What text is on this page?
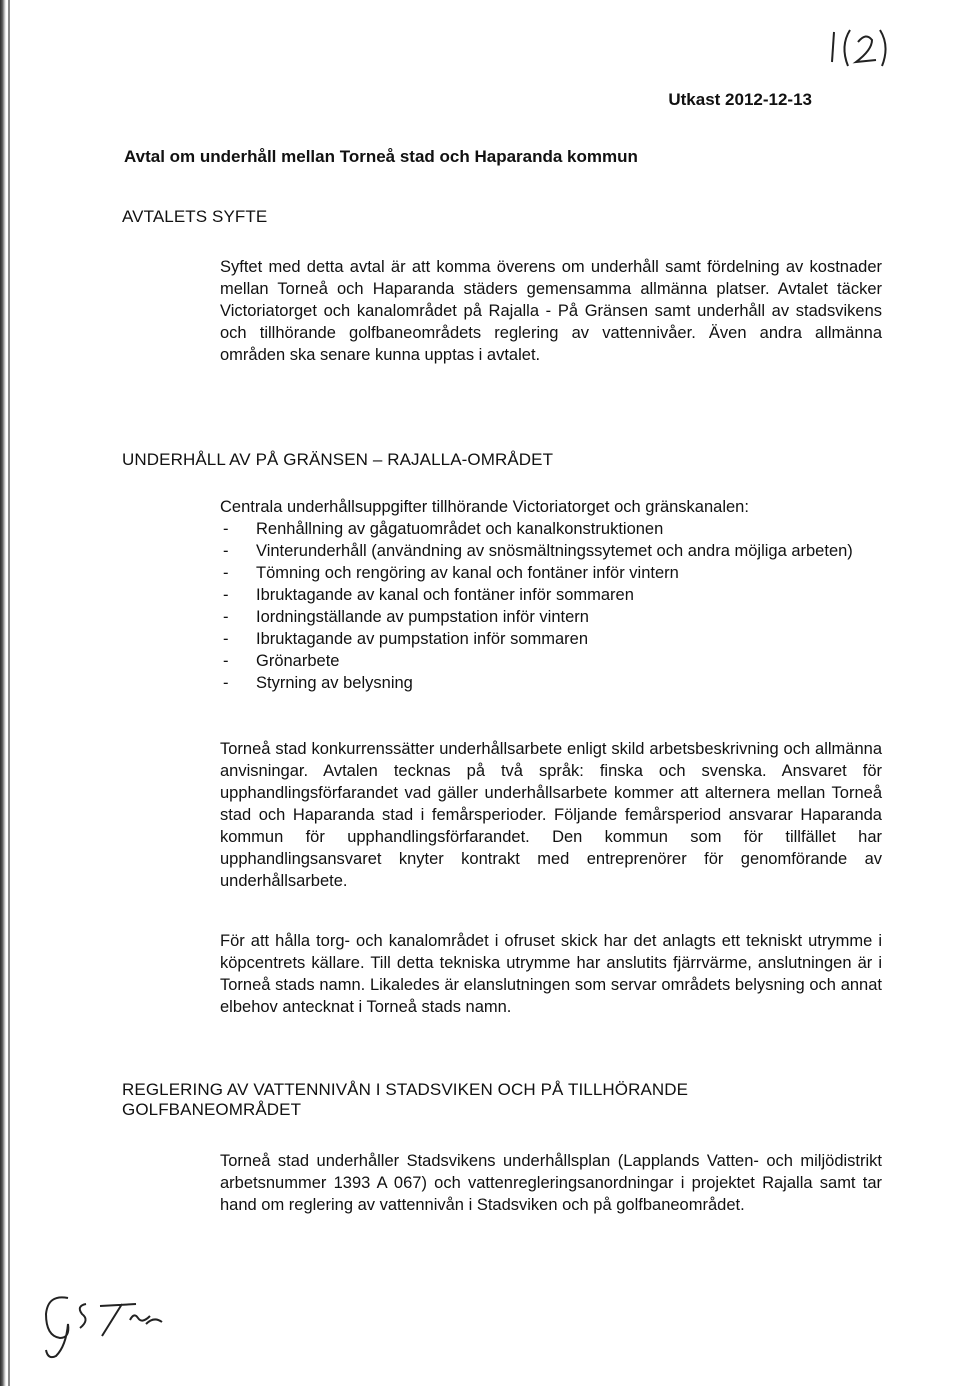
Utkast 2012-12-13
Avtal om underhåll mellan Torneå stad och Haparanda kommun
AVTALETS SYFTE

Syftet med detta avtal är att komma överens om underhåll samt fördelning av kostnader mellan Torneå och Haparanda städers gemensamma allmänna platser. Avtalet täcker Victoriatorget och kanalområdet på Rajalla - På Gränsen samt underhåll av stadsvikens och tillhörande golfbaneområdets reglering av vattennivåer. Även andra allmänna områden ska senare kunna upptas i avtalet.

UNDERHÅLL AV PÅ GRÄNSEN – RAJALLA-OMRÅDET

Centrala underhållsuppgifter tillhörande Victoriatorget och gränskanalen:

- Renhållning av gågatuområdet och kanalkonstruktionen
- Vinterunderhåll (användning av snösmältningssytemet och andra möjliga arbeten)
- Tömning och rengöring av kanal och fontäner inför vintern
- Ibruktagande av kanal och fontäner inför sommaren
- Iordningställande av pumpstation inför vintern
- Ibruktagande av pumpstation inför sommaren
- Grönarbete
- Styrning av belysning

Torneå stad konkurrenssätter underhållsarbete enligt skild arbetsbeskrivning och allmänna anvisningar. Avtalen tecknas på två språk: finska och svenska. Ansvaret för upphandlingsförfarandet vad gäller underhållsarbete kommer att alternera mellan Torneå stad och Haparanda stad i femårsperioder. Följande femårsperiod ansvarar Haparanda kommun för upphandlingsförfarandet. Den kommun som för tillfället har upphandlingsansvaret knyter kontrakt med entreprenörer för genomförande av underhållsarbete.

För att hålla torg- och kanalområdet i ofruset skick har det anlagts ett tekniskt utrymme i köpcentrets källare. Till detta tekniska utrymme har anslutits fjärrvärme, anslutningen är i Torneå stads namn. Likaledes är elanslutningen som servar områdets belysning och annat elbehov antecknat i Torneå stads namn.

REGLERING AV VATTENNIVÅN I STADSVIKEN OCH PÅ TILLHÖRANDE
GOLFBANEOMRÅDET

Torneå stad underhåller Stadsvikens underhållsplan (Lapplands Vatten- och miljödistrikt arbetsnummer 1393 A 067) och vattenregleringsanordningar i projektet Rajalla samt tar hand om reglering av vattennivån i Stadsviken och på golfbaneområdet.
